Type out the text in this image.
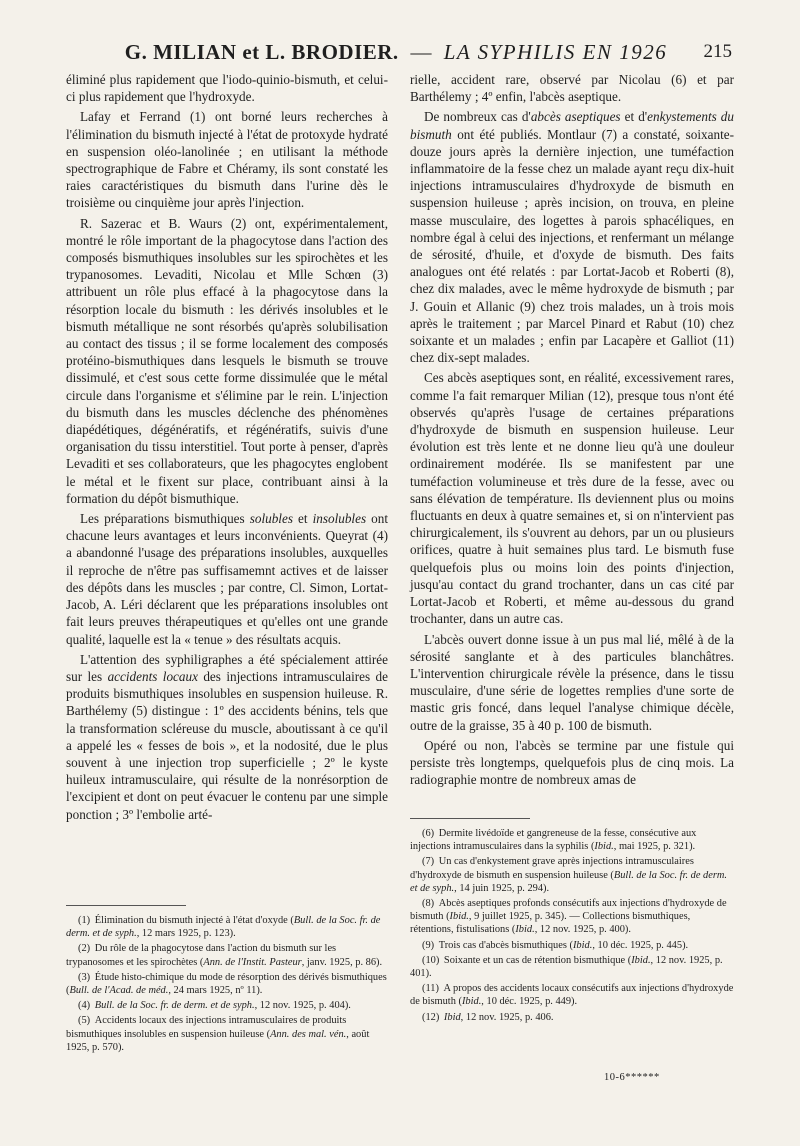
G. MILIAN et L. BRODIER. — LA SYPHILIS EN 1926	215

éliminé plus rapidement que l'iodo-quinio-bismuth, et celui-ci plus rapidement que l'hydroxyde.

Lafay et Ferrand (1) ont borné leurs recherches à l'élimination du bismuth injecté à l'état de protoxyde hydraté en suspension oléo-lanolinée ; en utilisant la méthode spectrographique de Fabre et Chéramy, ils sont constaté les raies caractéristiques du bismuth dans l'urine dès le troisième ou cinquième jour après l'injection.

R. Sazerac et B. Waurs (2) ont, expérimentalement, montré le rôle important de la phagocytose dans l'action des composés bismuthiques insolubles sur les spirochètes et les trypanosomes. Levaditi, Nicolau et Mlle Schœn (3) attribuent un rôle plus effacé à la phagocytose dans la résorption locale du bismuth : les dérivés insolubles et le bismuth métallique ne sont résorbés qu'après solubilisation au contact des tissus ; il se forme localement des composés protéino-bismuthiques dans lesquels le bismuth se trouve dissimulé, et c'est sous cette forme dissimulée que le métal circule dans l'organisme et s'élimine par le rein. L'injection du bismuth dans les muscles déclenche des phénomènes diapédétiques, dégénératifs, et régénératifs, suivis d'une organisation du tissu interstitiel. Tout porte à penser, d'après Levaditi et ses collaborateurs, que les phagocytes englobent le métal et le fixent sur place, contribuant ainsi à la formation du dépôt bismuthique.

Les préparations bismuthiques solubles et insolubles ont chacune leurs avantages et leurs inconvénients. Queyrat (4) a abandonné l'usage des préparations insolubles, auxquelles il reproche de n'être pas suffisamemnt actives et de laisser des dépôts dans les muscles ; par contre, Cl. Simon, Lortat-Jacob, A. Léri déclarent que les préparations insolubles ont fait leurs preuves thérapeutiques et qu'elles ont une grande qualité, laquelle est la « tenue » des résultats acquis.

L'attention des syphiligraphes a été spécialement attirée sur les accidents locaux des injections intramusculaires de produits bismuthiques insolubles en suspension huileuse. R. Barthélemy (5) distingue : 1º des accidents bénins, tels que la transformation scléreuse du muscle, aboutissant à ce qu'il a appelé les « fesses de bois », et la nodosité, due le plus souvent à une injection trop superficielle ; 2º le kyste huileux intramusculaire, qui résulte de la nonrésorption de l'excipient et dont on peut évacuer le contenu par une simple ponction ; 3º l'embolie arté-

rielle, accident rare, observé par Nicolau (6) et par Barthélemy ; 4º enfin, l'abcès aseptique.

De nombreux cas d'abcès aseptiques et d'enkystements du bismuth ont été publiés. Montlaur (7) a constaté, soixante-douze jours après la dernière injection, une tuméfaction inflammatoire de la fesse chez un malade ayant reçu dix-huit injections intramusculaires d'hydroxyde de bismuth en suspension huileuse ; après incision, on trouva, en pleine masse musculaire, des logettes à parois sphacéliques, en nombre égal à celui des injections, et renfermant un mélange de sérosité, d'huile, et d'oxyde de bismuth. Des faits analogues ont été relatés : par Lortat-Jacob et Roberti (8), chez dix malades, avec le même hydroxyde de bismuth ; par J. Gouin et Allanic (9) chez trois malades, un à trois mois après le traitement ; par Marcel Pinard et Rabut (10) chez soixante et un malades ; enfin par Lacapère et Galliot (11) chez dix-sept malades.

Ces abcès aseptiques sont, en réalité, excessivement rares, comme l'a fait remarquer Milian (12), presque tous n'ont été observés qu'après l'usage de certaines préparations d'hydroxyde de bismuth en suspension huileuse. Leur évolution est très lente et ne donne lieu qu'à une douleur ordinairement modérée. Ils se manifestent par une tuméfaction volumineuse et très dure de la fesse, avec ou sans élévation de température. Ils deviennent plus ou moins fluctuants en deux à quatre semaines et, si on n'intervient pas chirurgicalement, ils s'ouvrent au dehors, par un ou plusieurs orifices, quatre à huit semaines plus tard. Le bismuth fuse quelquefois plus ou moins loin des points d'injection, jusqu'au contact du grand trochanter, dans un cas cité par Lortat-Jacob et Roberti, et même au-dessous du grand trochanter, dans un autre cas.

L'abcès ouvert donne issue à un pus mal lié, mêlé à de la sérosité sanglante et à des particules blanchâtres. L'intervention chirurgicale révèle la présence, dans le tissu musculaire, d'une série de logettes remplies d'une sorte de mastic gris foncé, dans lequel l'analyse chimique décèle, outre de la graisse, 35 à 40 p. 100 de bismuth.

Opéré ou non, l'abcès se termine par une fistule qui persiste très longtemps, quelquefois plus de cinq mois. La radiographie montre de nombreux amas de

(1) Élimination du bismuth injecté à l'état d'oxyde (Bull. de la Soc. fr. de derm. et de syph., 12 mars 1925, p. 123).
(2) Du rôle de la phagocytose dans l'action du bismuth sur les trypanosomes et les spirochètes (Ann. de l'Instit. Pasteur, janv. 1925, p. 86).
(3) Étude histo-chimique du mode de résorption des dérivés bismuthiques (Bull. de l'Acad. de méd., 24 mars 1925, nº 11).
(4) Bull. de la Soc. fr. de derm. et de syph., 12 nov. 1925, p. 404).
(5) Accidents locaux des injections intramusculaires de produits bismuthiques insolubles en suspension huileuse (Ann. des mal. vén., août 1925, p. 570).
(6) Dermite livédoïde et gangreneuse de la fesse, consécutive aux injections intramusculaires dans la syphilis (Ibid., mai 1925, p. 321).
(7) Un cas d'enkystement grave après injections intramusculaires d'hydroxyde de bismuth en suspension huileuse (Bull. de la Soc. fr. de derm. et de syph., 14 juin 1925, p. 294).
(8) Abcès aseptiques profonds consécutifs aux injections d'hydroxyde de bismuth (Ibid., 9 juillet 1925, p. 345). — Collections bismuthiques, rétentions, fistulisations (Ibid., 12 nov. 1925, p. 400).
(9) Trois cas d'abcès bismuthiques (Ibid., 10 déc. 1925, p. 445).
(10) Soixante et un cas de rétention bismuthique (Ibid., 12 nov. 1925, p. 401).
(11) A propos des accidents locaux consécutifs aux injections d'hydroxyde de bismuth (Ibid., 10 déc. 1925, p. 449).
(12) Ibid, 12 nov. 1925, p. 406.
10-6******
